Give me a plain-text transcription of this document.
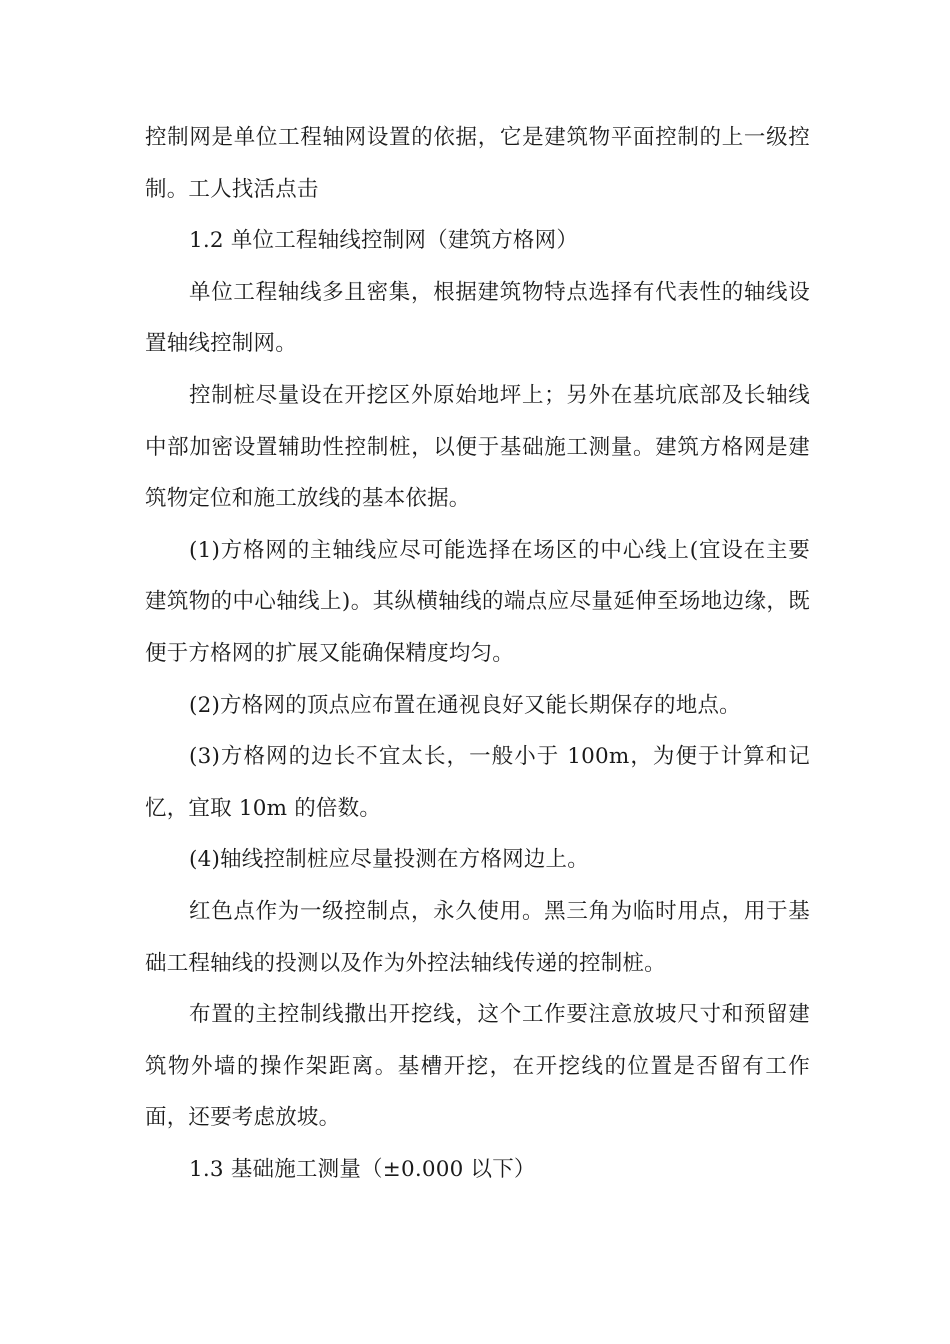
控制网是单位工程轴网设置的依据，它是建筑物平面控制的上一级控制。工人找活点击

1.2 单位工程轴线控制网（建筑方格网）

单位工程轴线多且密集，根据建筑物特点选择有代表性的轴线设置轴线控制网。

控制桩尽量设在开挖区外原始地坪上；另外在基坑底部及长轴线中部加密设置辅助性控制桩，以便于基础施工测量。建筑方格网是建筑物定位和施工放线的基本依据。

(1)方格网的主轴线应尽可能选择在场区的中心线上(宜设在主要建筑物的中心轴线上)。其纵横轴线的端点应尽量延伸至场地边缘，既便于方格网的扩展又能确保精度均匀。

(2)方格网的顶点应布置在通视良好又能长期保存的地点。

(3)方格网的边长不宜太长，一般小于 100m，为便于计算和记忆，宜取 10m 的倍数。

(4)轴线控制桩应尽量投测在方格网边上。

红色点作为一级控制点，永久使用。黑三角为临时用点，用于基础工程轴线的投测以及作为外控法轴线传递的控制桩。

布置的主控制线撒出开挖线，这个工作要注意放坡尺寸和预留建筑物外墙的操作架距离。基槽开挖，在开挖线的位置是否留有工作面，还要考虑放坡。

1.3 基础施工测量（±0.000 以下）
